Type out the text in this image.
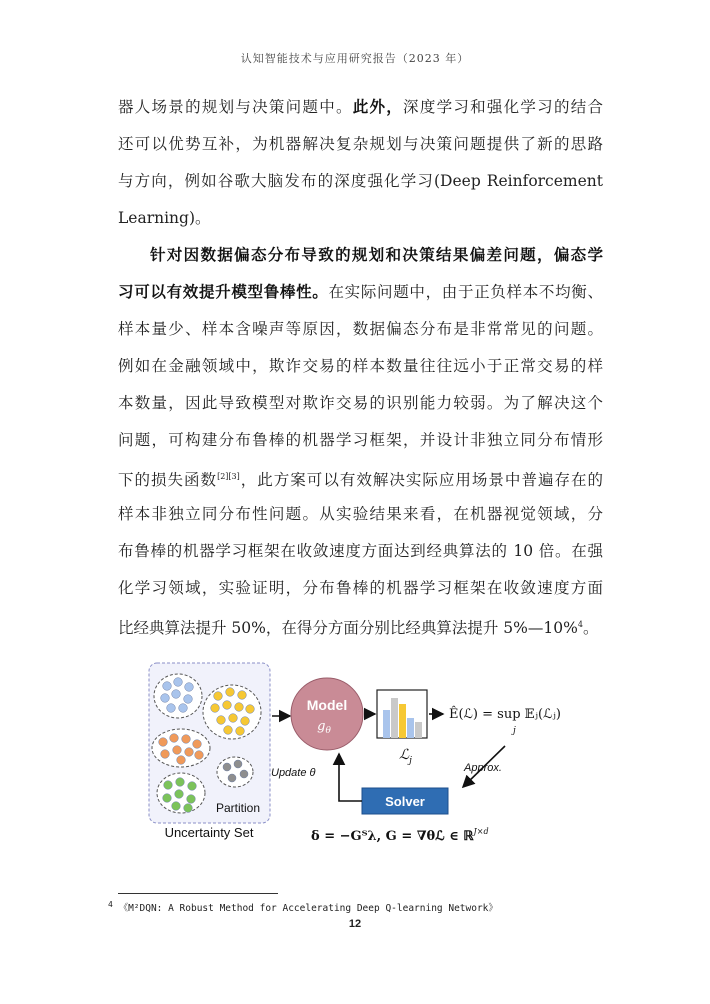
认知智能技术与应用研究报告（2023 年）
器人场景的规划与决策问题中。此外，深度学习和强化学习的结合
还可以优势互补，为机器解决复杂规划与决策问题提供了新的思路
与方向，例如谷歌大脑发布的深度强化学习(Deep Reinforcement
Learning)。
针对因数据偏态分布导致的规划和决策结果偏差问题，偏态学
习可以有效提升模型鲁棒性。在实际问题中，由于正负样本不均衡、
样本量少、样本含噪声等原因，数据偏态分布是非常常见的问题。
例如在金融领域中，欺诈交易的样本数量往往远小于正常交易的样
本数量，因此导致模型对欺诈交易的识别能力较弱。为了解决这个
问题，可构建分布鲁棒的机器学习框架，并设计非独立同分布情形
下的损失函数[2][3]，此方案可以有效解决实际应用场景中普遍存在的
样本非独立同分布性问题。从实验结果来看，在机器视觉领域，分
布鲁棒的机器学习框架在收敛速度方面达到经典算法的 10 倍。在强
化学习领域，实验证明，分布鲁棒的机器学习框架在收敛速度方面
比经典算法提升 50%，在得分方面分别比经典算法提升 5%—10%$^4$。
Partition
Uncertainty Set
Model
$g_\theta$
ℒ$_j$
Ê(ℒ) = sup 𝔼ⱼ(ℒⱼ)
j
Approx.
Solver
Update θ
δ = −Gᵀλ, G = ∇θℒ ∈ ℝ$^{J\times d}$
$^4$ 《M²DQN: A Robust Method for Accelerating Deep Q-learning Network》
12
